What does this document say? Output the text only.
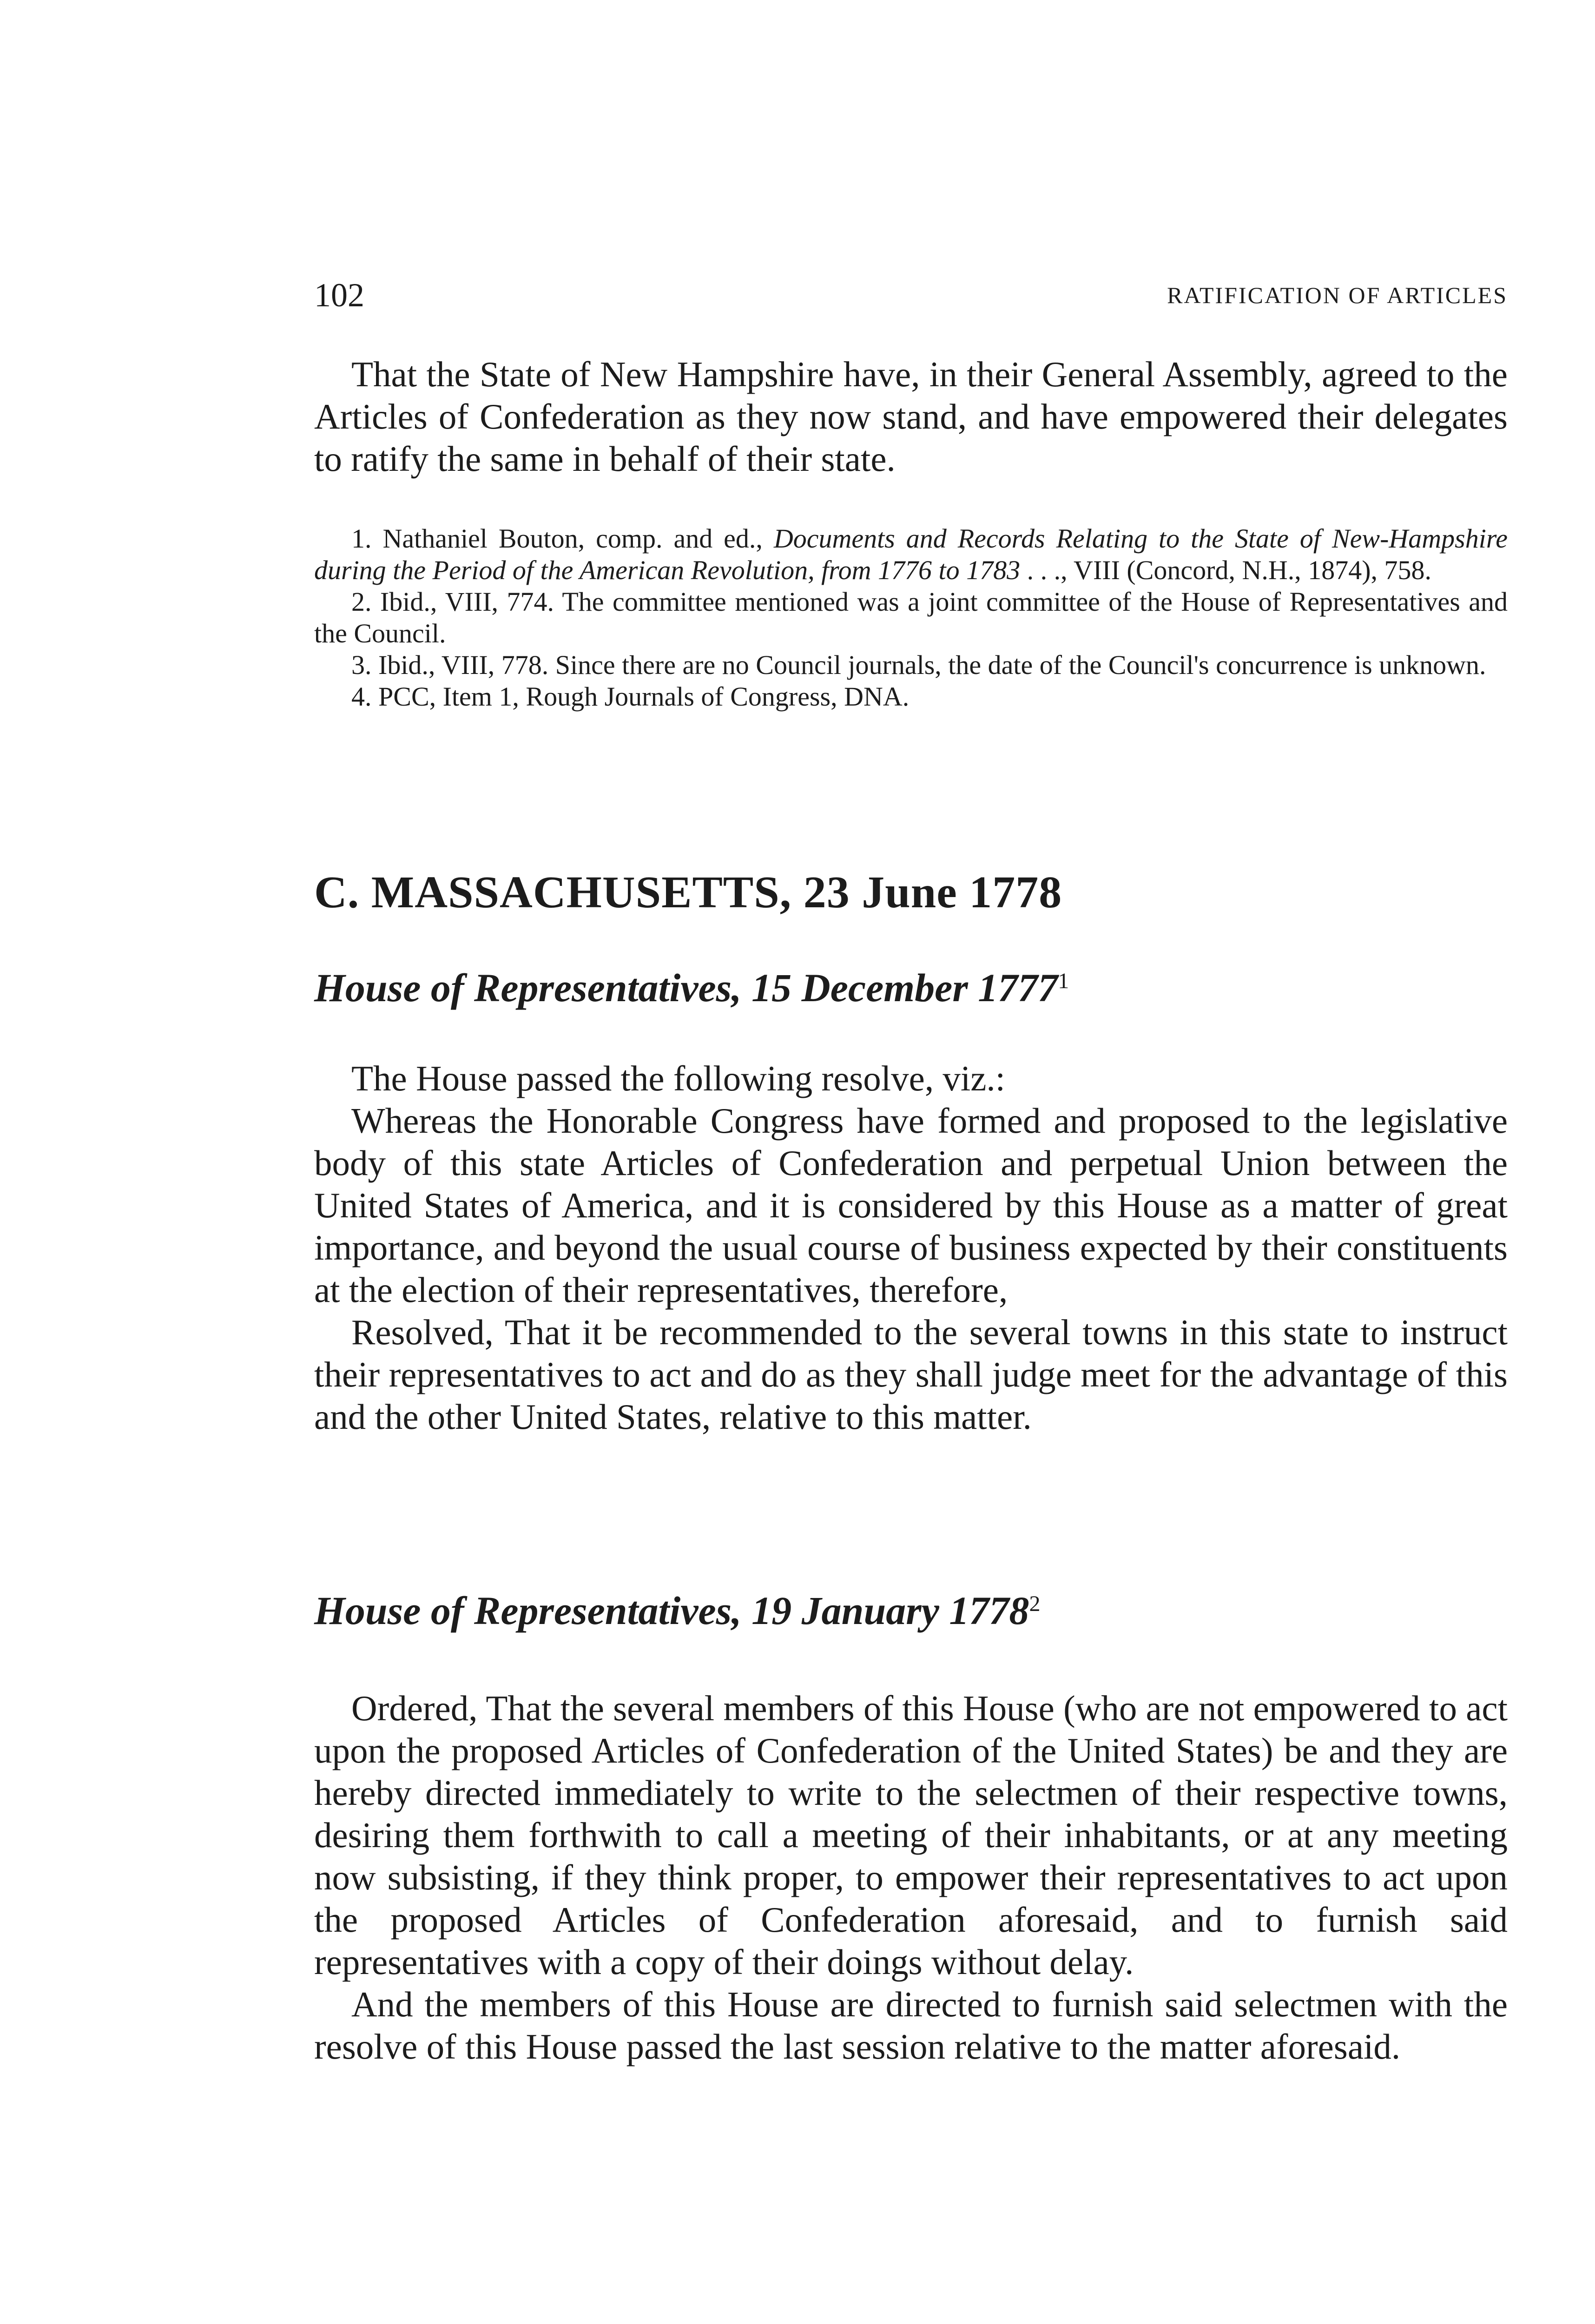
102	RATIFICATION OF ARTICLES

That the State of New Hampshire have, in their General Assembly, agreed to the Articles of Confederation as they now stand, and have empowered their delegates to ratify the same in behalf of their state.

1. Nathaniel Bouton, comp. and ed., Documents and Records Relating to the State of New-Hampshire during the Period of the American Revolution, from 1776 to 1783 . . ., VIII (Concord, N.H., 1874), 758.

2. Ibid., VIII, 774. The committee mentioned was a joint committee of the House of Representatives and the Council.

3. Ibid., VIII, 778. Since there are no Council journals, the date of the Council's concurrence is unknown.

4. PCC, Item 1, Rough Journals of Congress, DNA.

C. MASSACHUSETTS, 23 June 1778
House of Representatives, 15 December 1777$^1$

The House passed the following resolve, viz.:

Whereas the Honorable Congress have formed and proposed to the legislative body of this state Articles of Confederation and perpetual Union between the United States of America, and it is considered by this House as a matter of great importance, and beyond the usual course of business expected by their constituents at the election of their representatives, therefore,

Resolved, That it be recommended to the several towns in this state to instruct their representatives to act and do as they shall judge meet for the advantage of this and the other United States, relative to this matter.

House of Representatives, 19 January 1778$^2$

Ordered, That the several members of this House (who are not empowered to act upon the proposed Articles of Confederation of the United States) be and they are hereby directed immediately to write to the selectmen of their respective towns, desiring them forthwith to call a meeting of their inhabitants, or at any meeting now subsisting, if they think proper, to empower their representatives to act upon the proposed Articles of Confederation aforesaid, and to furnish said representatives with a copy of their doings without delay.

And the members of this House are directed to furnish said selectmen with the resolve of this House passed the last session relative to the matter aforesaid.
